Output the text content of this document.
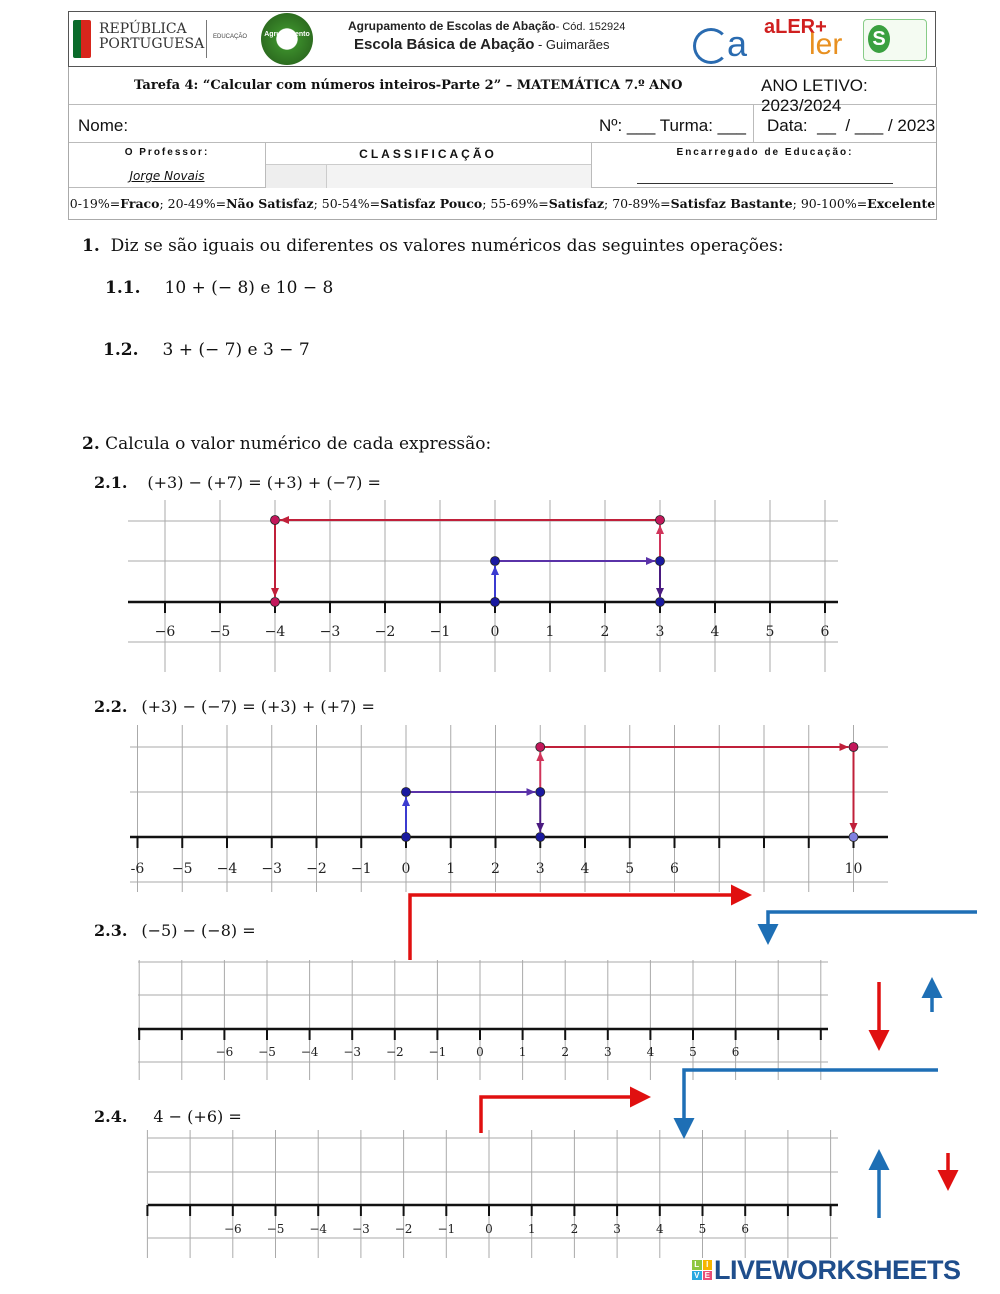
REPÚBLICA
PORTUGUESA EDUCAÇÃO Agrupamento Abação
Agrupamento de Escolas de Abação- Cód. 152924
Escola Básica de Abação - Guimarães	a aLER+
ler S
Tarefa 4: “Calcular com números inteiros-Parte 2” – MATEMÁTICA 7.º ANO	ANO LETIVO: 2023/2024
Nome:	Nº: ___ Turma: ___ Data:  __  / ___ / 2023
O Professor:
Jorge Novais
CLASSIFICAÇÃO	Encarregado de Educação:
0-19%=Fraco; 20-49%=Não Satisfaz; 50-54%=Satisfaz Pouco; 55-69%=Satisfaz; 70-89%=Satisfaz Bastante; 90-100%=Excelente
1. Diz se são iguais ou diferentes os valores numéricos das seguintes operações:
1.1. 10 + (− 8) e 10 − 8
1.2. 3 + (− 7) e 3 − 7
2. Calcula o valor numérico de cada expressão:
2.1. (+3) − (+7) = (+3) + (−7) =
2.2. (+3) − (−7) = (+3) + (+7) =
2.3. (−5) − (−8) =
2.4. 4 − (+6) =
−6 −5 −4 −3 −2 −1	0	1	2	3	4	5	6
-6 −5 −4 −3 −2 −1 0	1	2	3	4	5	6	10
−6 −5 −4 −3 −2 −1 0	1	2	3	4	5	6
−6 −5 −4 −3 −2 −1	0	1	2	3	4	5	6
L I
V E LIVEWORKSHEETS
